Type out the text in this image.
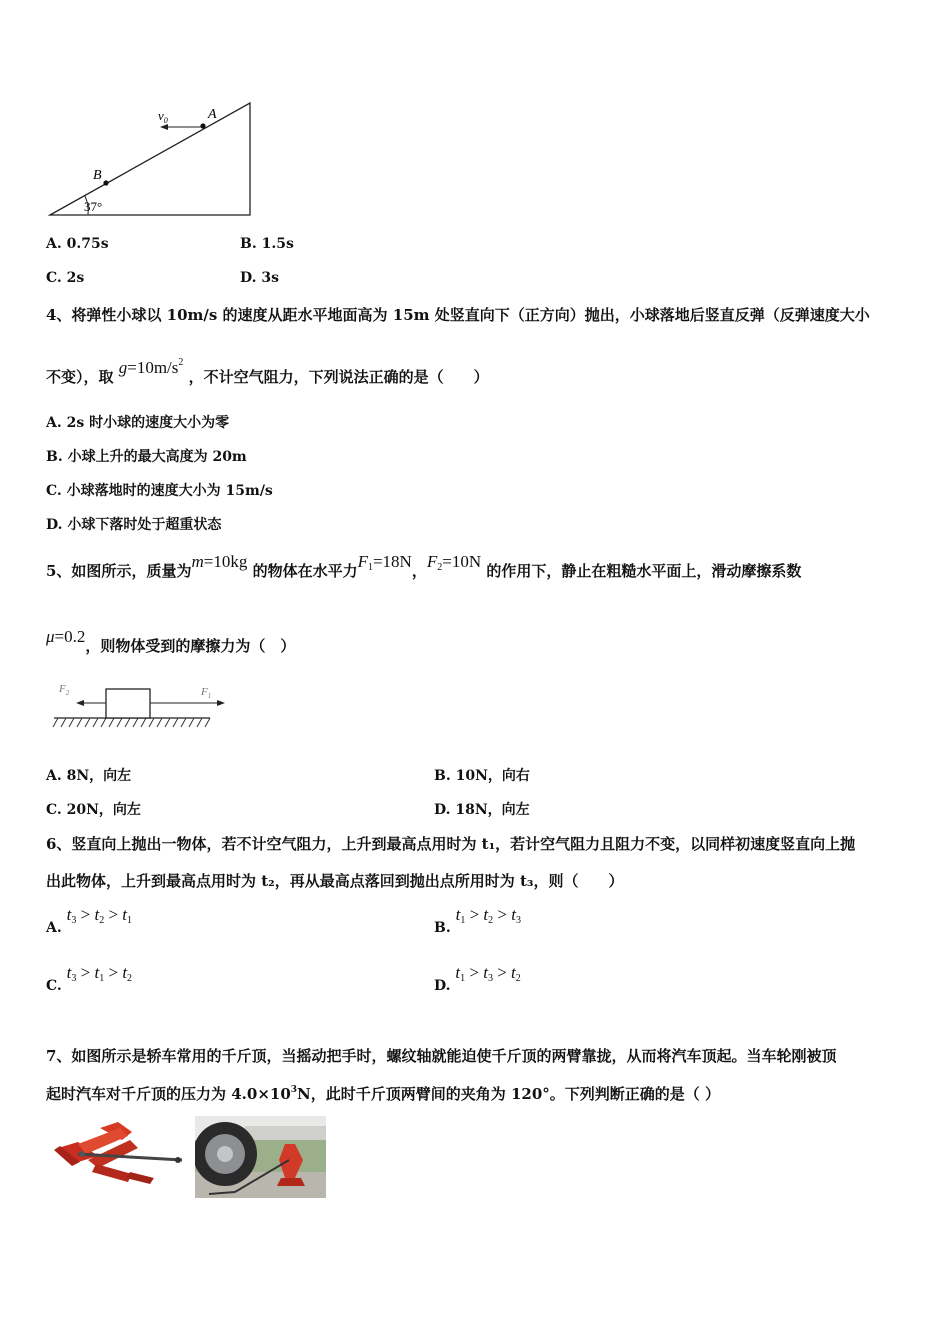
$v_0$	A
B
37°
A. 0.75s	B. 1.5s
C. 2s	D. 3s
4、将弹性小球以 10m/s 的速度从距水平地面高为 15m 处竖直向下（正方向）抛出，小球落地后竖直反弹（反弹速度大小
不变），取 $g=10m/s^2$ ，不计空气阻力，下列说法正确的是（　　）
A. 2s 时小球的速度大小为零
B. 小球上升的最大高度为 20m
C. 小球落地时的速度大小为 15m/s
D. 小球下落时处于超重状态
5、如图所示，质量为m=10kg 的物体在水平力$F_1=18N$，$F_2=10N$ 的作用下，静止在粗糙水平面上，滑动摩擦系数
μ=0.2，则物体受到的摩擦力为（　）
$F_2$	$F_1$
A. 8N，向左	B. 10N，向右
C. 20N，向左	D. 18N，向左
6、竖直向上抛出一物体，若不计空气阻力，上升到最高点用时为 t₁，若计空气阻力且阻力不变，以同样初速度竖直向上抛
出此物体，上升到最高点用时为 t₂，再从最高点落回到抛出点所用时为 t₃，则（　　）
A. $t_3 > t_2 > t_1$	B. $t_1 > t_2 > t_3$
C. $t_3 > t_1 > t_2$	D. $t_1 > t_3 > t_2$
7、如图所示是轿车常用的千斤顶，当摇动把手时，螺纹轴就能迫使千斤顶的两臂靠拢，从而将汽车顶起。当车轮刚被顶
起时汽车对千斤顶的压力为 $4.0\times 10^3N$，此时千斤顶两臂间的夹角为 120°。下列判断正确的是（ ）
